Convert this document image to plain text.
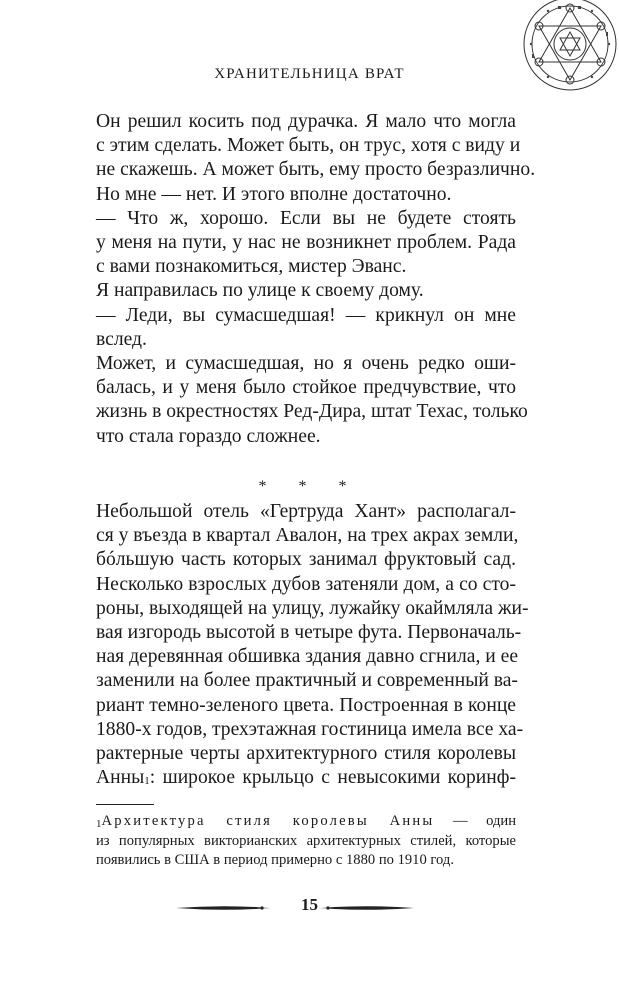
ХРАНИТЕЛЬНИЦА ВРАТ
Он решил косить под дурачка. Я мало что могла
с этим сделать. Может быть, он трус, хотя с виду и
не скажешь. А может быть, ему просто безразлично.
Но мне — нет. И этого вполне достаточно.
— Что ж, хорошо. Если вы не будете стоять
у меня на пути, у нас не возникнет проблем. Рада
с вами познакомиться, мистер Эванс.
Я направилась по улице к своему дому.
— Леди, вы сумасшедшая! — крикнул он мне
вслед.
Может, и сумасшедшая, но я очень редко оши-
балась, и у меня было стойкое предчувствие, что
жизнь в окрестностях Ред-Дира, штат Техас, только
что стала гораздо сложнее.
* * *
Небольшой отель «Гертруда Хант» располагал-
ся у въезда в квартал Авалон, на трех акрах земли,
бóльшую часть которых занимал фруктовый сад.
Несколько взрослых дубов затеняли дом, а со сто-
роны, выходящей на улицу, лужайку окаймляла жи-
вая изгородь высотой в четыре фута. Первоначаль-
ная деревянная обшивка здания давно сгнила, и ее
заменили на более практичный и современный ва-
риант темно-зеленого цвета. Построенная в конце
1880-х годов, трехэтажная гостиница имела все ха-
рактерные черты архитектурного стиля королевы
Анны$^1$: широкое крыльцо с невысокими коринф-
$^1$Архитектура стиля королевы Анны — один
из популярных викторианских архитектурных стилей, которые
появились в США в период примерно с 1880 по 1910 год.
15
